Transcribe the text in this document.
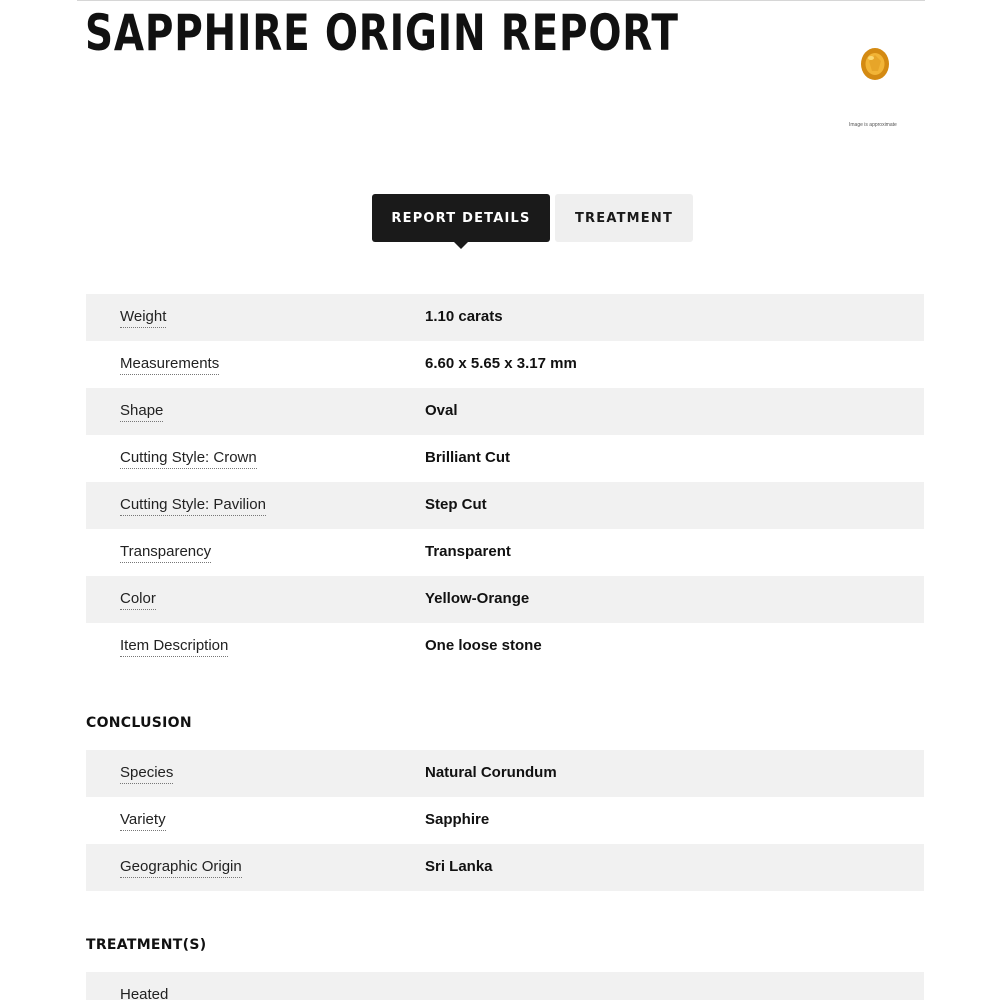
SAPPHIRE ORIGIN REPORT
Image is approximate
REPORT DETAILS	TREATMENT
Weight	1.10 carats
Measurements	6.60 x 5.65 x 3.17 mm
Shape	Oval
Cutting Style: Crown	Brilliant Cut
Cutting Style: Pavilion	Step Cut
Transparency	Transparent
Color	Yellow-Orange
Item Description	One loose stone
CONCLUSION
Species	Natural Corundum
Variety	Sapphire
Geographic Origin	Sri Lanka
TREATMENT(S)
Heated
